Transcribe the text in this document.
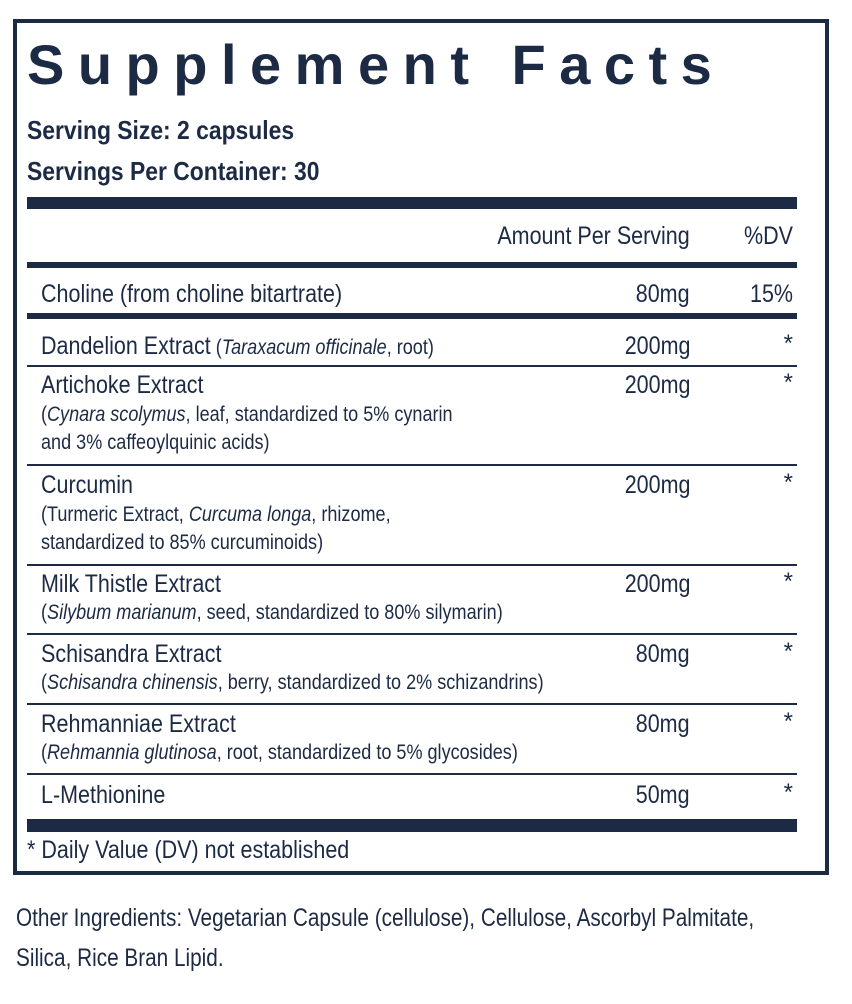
Supplement Facts
Serving Size: 2 capsules
Servings Per Container: 30
Amount Per Serving %DV
Choline (from choline bitartrate)	80mg 15%
Dandelion Extract (Taraxacum officinale, root)	200mg	*
Artichoke Extract
(Cynara scolymus, leaf, standardized to 5% cynarin
and 3% caffeoylquinic acids)
200mg	*
Curcumin
(Turmeric Extract, Curcuma longa, rhizome,
standardized to 85% curcuminoids)
200mg	*
Milk Thistle Extract
(Silybum marianum, seed, standardized to 80% silymarin)
200mg	*
Schisandra Extract
(Schisandra chinensis, berry, standardized to 2% schizandrins)
80mg	*
Rehmanniae Extract
(Rehmannia glutinosa, root, standardized to 5% glycosides)
80mg	*
L-Methionine	50mg	*
* Daily Value (DV) not established
Other Ingredients: Vegetarian Capsule (cellulose), Cellulose, Ascorbyl Palmitate,
Silica, Rice Bran Lipid.
